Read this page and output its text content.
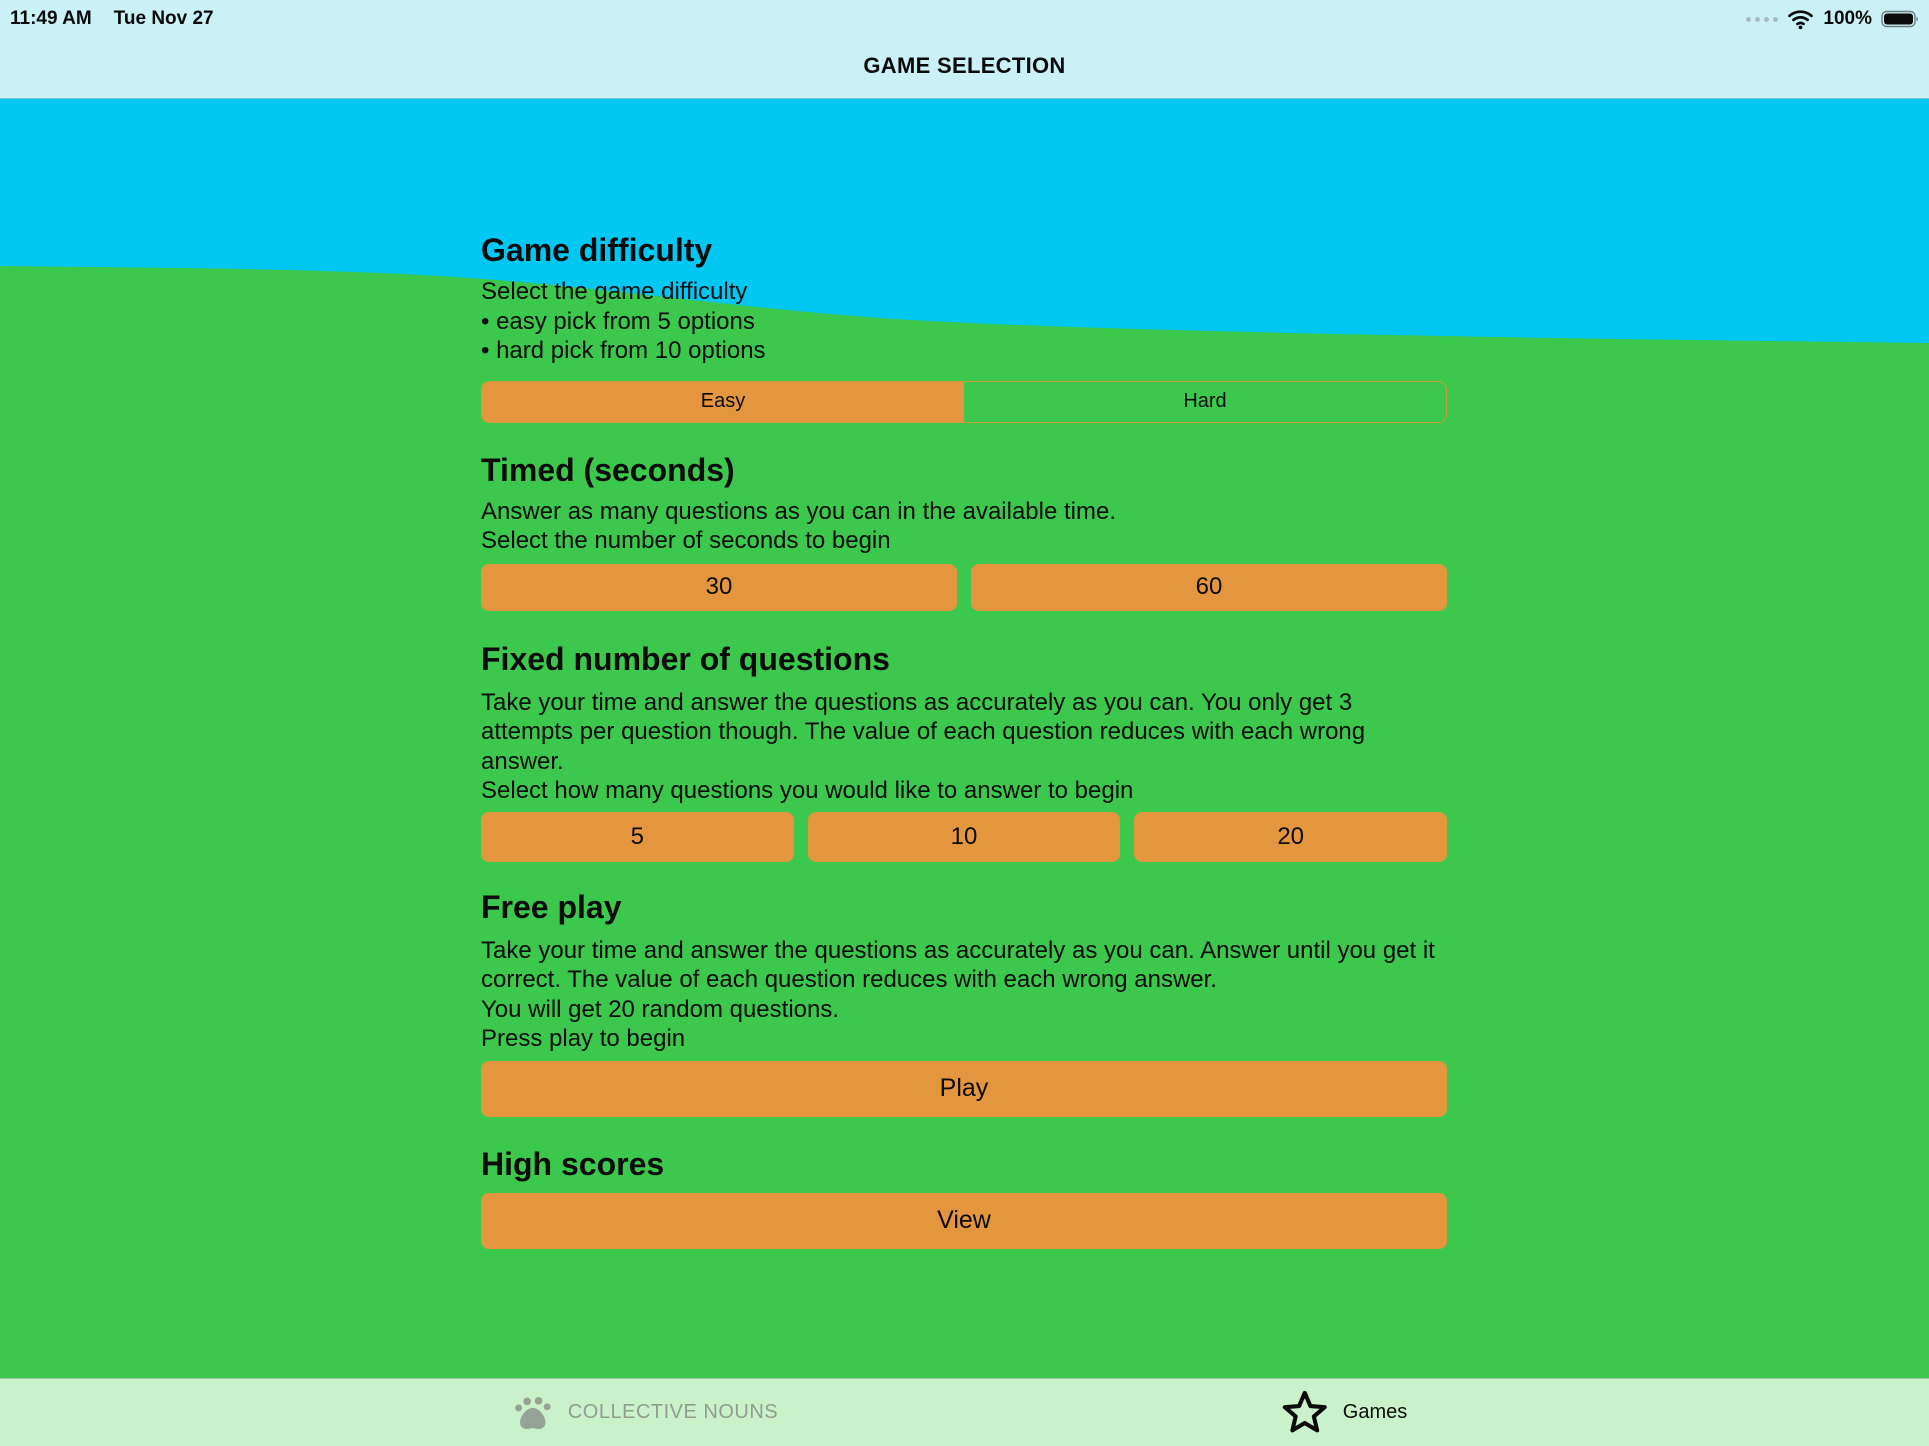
11:49 AM Tue Nov 27	100%
GAME SELECTION
Game difficulty
Select the game difficulty
• easy pick from 5 options
• hard pick from 10 options
Easy	Hard
Timed (seconds)
Answer as many questions as you can in the available time.
Select the number of seconds to begin
30	60
Fixed number of questions
Take your time and answer the questions as accurately as you can. You only get 3 attempts per question though. The value of each question reduces with each wrong answer.
Select how many questions you would like to answer to begin
5	10	20
Free play
Take your time and answer the questions as accurately as you can. Answer until you get it correct. The value of each question reduces with each wrong answer.
You will get 20 random questions.
Press play to begin
Play
High scores
View
COLLECTIVE NOUNS	Games
